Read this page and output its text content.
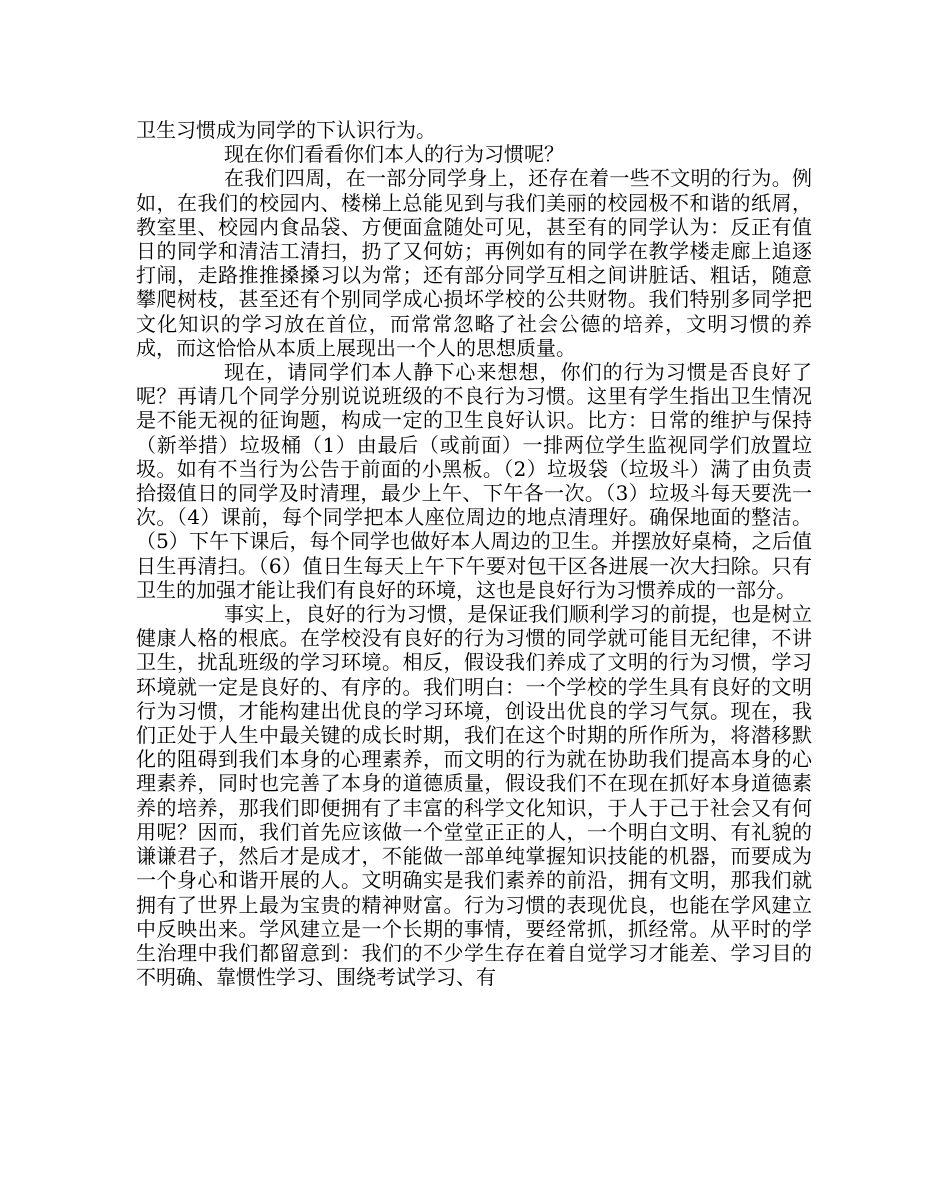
卫生习惯成为同学的下认识行为。

现在你们看看你们本人的行为习惯呢？

在我们四周，在一部分同学身上，还存在着一些不文明的行为。例如，在我们的校园内、楼梯上总能见到与我们美丽的校园极不和谐的纸屑，教室里、校园内食品袋、方便面盒随处可见，甚至有的同学认为：反正有值日的同学和清洁工清扫，扔了又何妨；再例如有的同学在教学楼走廊上追逐打闹，走路推推搡搡习以为常；还有部分同学互相之间讲脏话、粗话，随意攀爬树枝，甚至还有个别同学成心损坏学校的公共财物。我们特别多同学把文化知识的学习放在首位，而常常忽略了社会公德的培养，文明习惯的养成，而这恰恰从本质上展现出一个人的思想质量。

现在，请同学们本人静下心来想想，你们的行为习惯是否良好了呢？再请几个同学分别说说班级的不良行为习惯。这里有学生指出卫生情况是不能无视的征询题，构成一定的卫生良好认识。比方：日常的维护与保持（新举措）垃圾桶（1）由最后（或前面）一排两位学生监视同学们放置垃圾。如有不当行为公告于前面的小黑板。（2）垃圾袋（垃圾斗）满了由负责拾掇值日的同学及时清理，最少上午、下午各一次。（3）垃圾斗每天要洗一次。（4）课前，每个同学把本人座位周边的地点清理好。确保地面的整洁。（5）下午下课后，每个同学也做好本人周边的卫生。并摆放好桌椅，之后值日生再清扫。（6）值日生每天上午下午要对包干区各进展一次大扫除。只有卫生的加强才能让我们有良好的环境，这也是良好行为习惯养成的一部分。

事实上，良好的行为习惯，是保证我们顺利学习的前提，也是树立健康人格的根底。在学校没有良好的行为习惯的同学就可能目无纪律，不讲卫生，扰乱班级的学习环境。相反，假设我们养成了文明的行为习惯，学习环境就一定是良好的、有序的。我们明白：一个学校的学生具有良好的文明行为习惯，才能构建出优良的学习环境，创设出优良的学习气氛。现在，我们正处于人生中最关键的成长时期，我们在这个时期的所作所为，将潜移默化的阻碍到我们本身的心理素养，而文明的行为就在协助我们提高本身的心理素养，同时也完善了本身的道德质量，假设我们不在现在抓好本身道德素养的培养，那我们即便拥有了丰富的科学文化知识，于人于己于社会又有何用呢？因而，我们首先应该做一个堂堂正正的人，一个明白文明、有礼貌的谦谦君子，然后才是成才，不能做一部单纯掌握知识技能的机器，而要成为一个身心和谐开展的人。文明确实是我们素养的前沿，拥有文明，那我们就拥有了世界上最为宝贵的精神财富。行为习惯的表现优良，也能在学风建立中反映出来。学风建立是一个长期的事情，要经常抓，抓经常。从平时的学生治理中我们都留意到：我们的不少学生存在着自觉学习才能差、学习目的不明确、靠惯性学习、围绕考试学习、有
